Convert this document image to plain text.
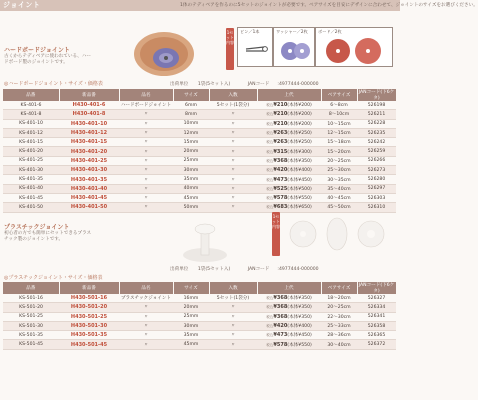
ジョイント	1体のテディベアを作るのに5セットのジョイントが必要です。ベアサイズを目安にデザインに合わせて、ジョイントのサイズをお選びください。
ハードボードジョイント
古くからテディベアに使われている、ハードボード製のジョイントです。
1セット内容
ピン／1本	ワッシャー／2枚 ボード／2枚
◎ハードボードジョイント・サイズ・価格表	出荷単位 1袋(5セット入)	JANコード :4977444-000000
品番	新品番	品名	サイズ	入数	上代	ベアサイズ	JANコード(下6ケタ)
KS-401-6	H430-401-6	ハードボードジョイント	6mm	5セット(1袋分)	税込¥210(本体¥200)	6〜8cm	526198
KS-401-8	H430-401-8	〃	8mm	〃	税込¥210(本体¥200)	8〜10cm	526211
KS-401-10	H430-401-10	〃	10mm	〃	税込¥210(本体¥200)	10〜15cm	526228
KS-401-12	H430-401-12	〃	12mm	〃	税込¥263(本体¥250)	12〜15cm	526235
KS-401-15	H430-401-15	〃	15mm	〃	税込¥263(本体¥250)	15〜18cm	526242
KS-401-20	H430-401-20	〃	20mm	〃	税込¥315(本体¥300)	15〜20cm	526259
KS-401-25	H430-401-25	〃	25mm	〃	税込¥368(本体¥350)	20〜25cm	526266
KS-401-30	H430-401-30	〃	30mm	〃	税込¥420(本体¥400)	25〜30cm	526273
KS-401-35	H430-401-35	〃	35mm	〃	税込¥473(本体¥450)	30〜35cm	526280
KS-401-40	H430-401-40	〃	40mm	〃	税込¥525(本体¥500)	35〜40cm	526297
KS-401-45	H430-401-45	〃	45mm	〃	税込¥578(本体¥550)	40〜45cm	526303
KS-401-50	H430-401-50	〃	50mm	〃	税込¥683(本体¥650)	45〜50cm	526310
プラスチックジョイント
初心者の方でも簡単にセットできるプラスチック製のジョイントです。
1セット内容
◎プラスチックジョイント・サイズ・価格表
出荷単位 1袋(5セット入)	JANコード :4977444-000000
品番	新品番	品名	サイズ	入数	上代	ベアサイズ	JANコード(下6ケタ)
KS-501-16	H430-501-16	プラスチックジョイント	16mm	5セット(1袋分)	税込¥368(本体¥350)	18〜20cm	526327
KS-501-20	H430-501-20	〃	20mm	〃	税込¥368(本体¥350)	20〜25cm	526334
KS-501-25	H430-501-25	〃	25mm	〃	税込¥368(本体¥350)	22〜30cm	526341
KS-501-30	H430-501-30	〃	30mm	〃	税込¥420(本体¥400)	25〜33cm	526358
KS-501-35	H430-501-35	〃	35mm	〃	税込¥473(本体¥450)	28〜36cm	526365
KS-501-45	H430-501-45	〃	45mm	〃	税込¥578(本体¥550)	30〜40cm	526372
